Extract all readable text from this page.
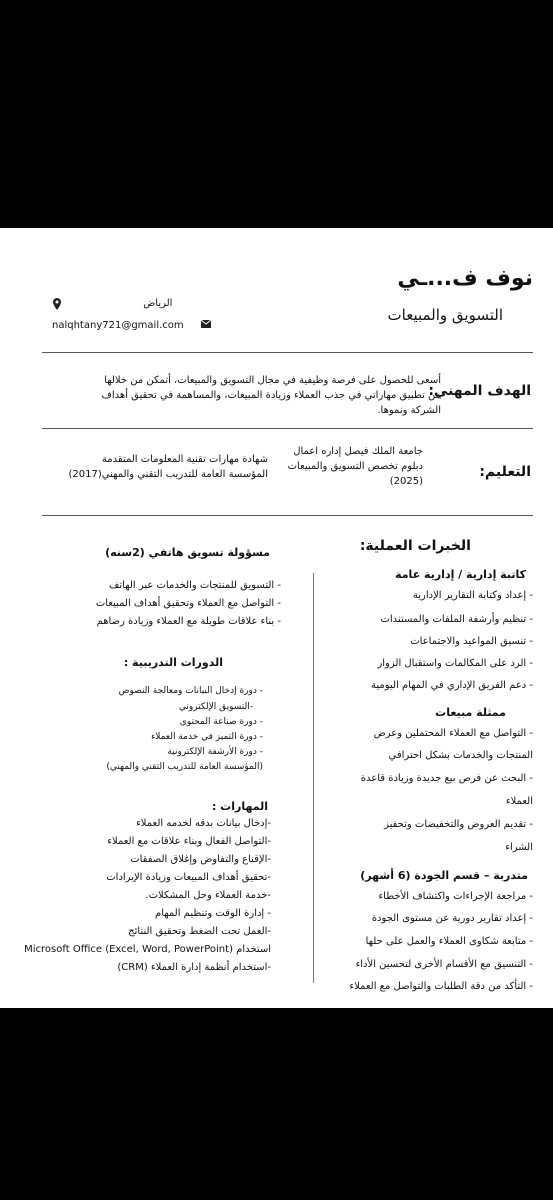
نوف ف...ـي
التسويق والمبيعات
الرياض
nalqhtany721@gmail.com
الهدف المهني:
أسعى للحصول على فرصة وظيفية في مجال التسويق والمبيعات، أتمكن من خلالها من تطبيق مهاراتي في جذب العملاء وزيادة المبيعات، والمساهمة في تحقيق أهداف الشركة ونموها.
التعليم:
جامعة الملك فيصل إداره اعمال
دبلوم تخصص التسويق والمبيعات
(2025)
شهادة مهارات تقنية المعلومات المتقدمة
المؤسسة العامة للتدريب التقني والمهني(2017)
الخبرات العملية:
كاتبة إدارية / إدارية عامة
- إعداد وكتابة التقارير الإدارية
- تنظيم وأرشفة الملفات والمستندات
- تنسيق المواعيد والاجتماعات
- الرد على المكالمات واستقبال الزوار
- دعم الفريق الإداري في المهام اليومية
ممثلة مبيعات
- التواصل مع العملاء المحتملين وعرض
المنتجات والخدمات بشكل احترافي
- البحث عن فرص بيع جديدة وزيادة قاعدة
العملاء
- تقديم العروض والتخفيضات وتحفيز
الشراء
متدربة – قسم الجودة (6 أشهر)
- مراجعة الإجراءات واكتشاف الأخطاء
- إعداد تقارير دورية عن مستوى الجودة
- متابعة شكاوى العملاء والعمل على حلها
- التنسيق مع الأقسام الأخرى لتحسين الأداء
- التأكد من دقة الطلبات والتواصل مع العملاء
مسؤولة تسويق هاتفي (2سنه)
- التسويق للمنتجات والخدمات عبر الهاتف
- التواصل مع العملاء وتحقيق أهداف المبيعات
- بناء علاقات طويلة مع العملاء وزيادة رضاهم
الدورات التدريبية :
- دورة إدخال البيانات ومعالجة النصوص
-التسويق الإلكتروني
- دورة صناعة المحتوى
- دورة التميز في خدمة العملاء
- دورة الأرشفة الإلكترونية
(المؤسسة العامة للتدريب التقني والمهني)
المهارات :
-إدخال بيانات بدقه لخدمه العملاء
-التواصل الفعال وبناء علاقات مع العملاء
-الإقناع والتفاوض وإغلاق الصفقات
-تحقيق أهداف المبيعات وزيادة الإيرادات
-خدمة العملاء وحل المشكلات.
- إدارة الوقت وتنظيم المهام
-العمل تحت الضغط وتحقيق النتائج
استخدام Microsoft Office (Excel, Word, PowerPoint)
-استخدام أنظمة إدارة العملاء (CRM)
